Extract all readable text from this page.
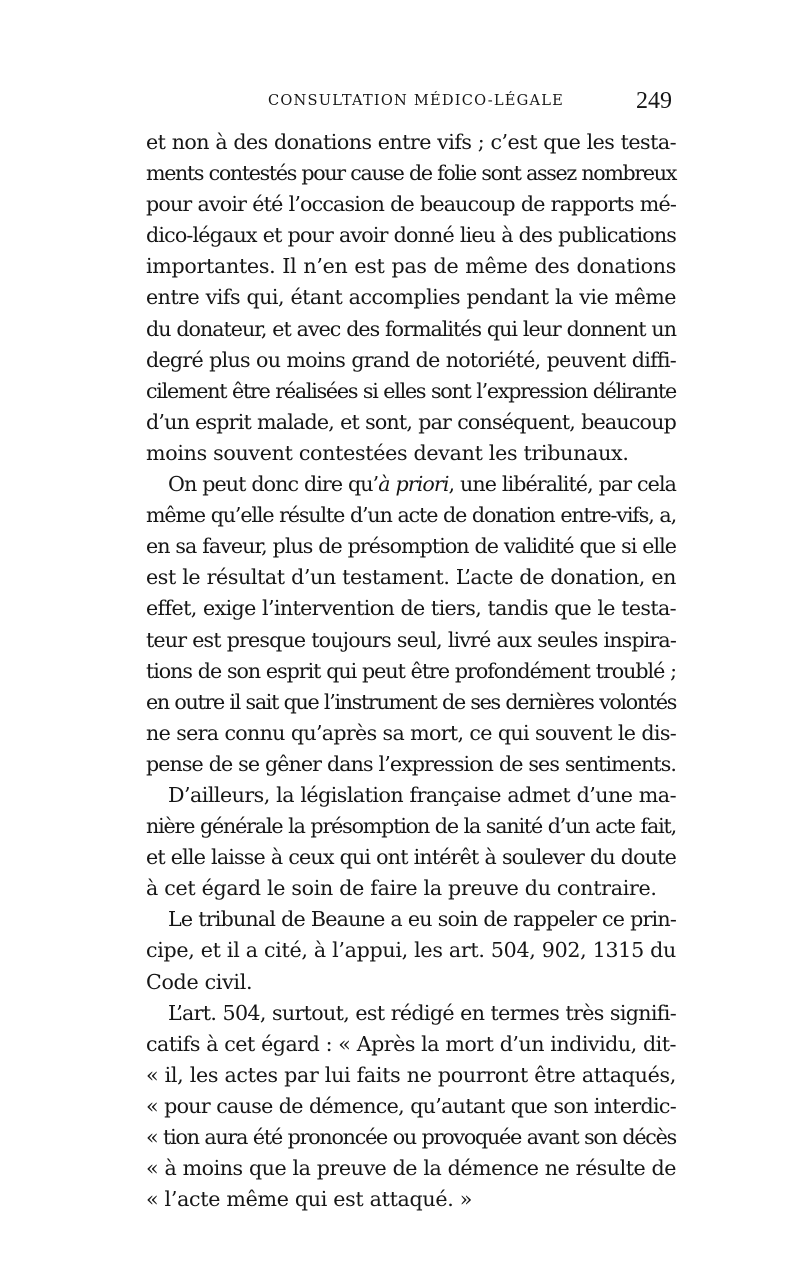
CONSULTATION MÉDICO-LÉGALE	249
et non à des donations entre vifs ; c’est que les testa-
ments contestés pour cause de folie sont assez nombreux
pour avoir été l’occasion de beaucoup de rapports mé-
dico-légaux et pour avoir donné lieu à des publications
importantes. Il n’en est pas de même des donations
entre vifs qui, étant accomplies pendant la vie même
du donateur, et avec des formalités qui leur donnent un
degré plus ou moins grand de notoriété, peuvent diffi-
cilement être réalisées si elles sont l’expression délirante
d’un esprit malade, et sont, par conséquent, beaucoup
moins souvent contestées devant les tribunaux.
On peut donc dire qu’à priori, une libéralité, par cela
même qu’elle résulte d’un acte de donation entre-vifs, a,
en sa faveur, plus de présomption de validité que si elle
est le résultat d’un testament. L’acte de donation, en
effet, exige l’intervention de tiers, tandis que le testa-
teur est presque toujours seul, livré aux seules inspira-
tions de son esprit qui peut être profondément troublé ;
en outre il sait que l’instrument de ses dernières volontés
ne sera connu qu’après sa mort, ce qui souvent le dis-
pense de se gêner dans l’expression de ses sentiments.
D’ailleurs, la législation française admet d’une ma-
nière générale la présomption de la sanité d’un acte fait,
et elle laisse à ceux qui ont intérêt à soulever du doute
à cet égard le soin de faire la preuve du contraire.
Le tribunal de Beaune a eu soin de rappeler ce prin-
cipe, et il a cité, à l’appui, les art. 504, 902, 1315 du
Code civil.
L’art. 504, surtout, est rédigé en termes très signifi-
catifs à cet égard : « Après la mort d’un individu, dit-
« il, les actes par lui faits ne pourront être attaqués,
« pour cause de démence, qu’autant que son interdic-
« tion aura été prononcée ou provoquée avant son décès
« à moins que la preuve de la démence ne résulte de
« l’acte même qui est attaqué. »
